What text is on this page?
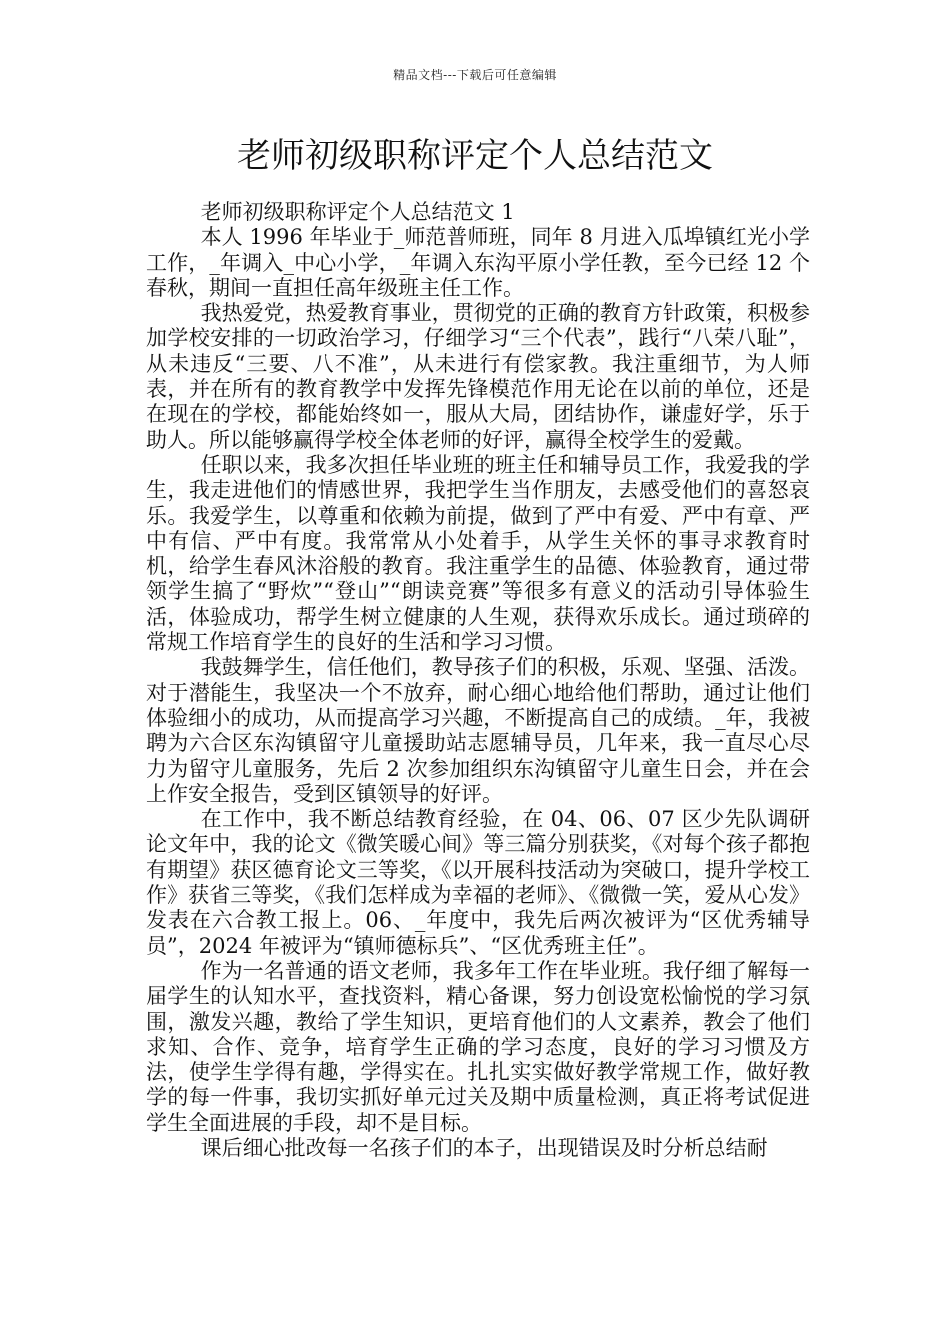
精品文档---下载后可任意编辑
老师初级职称评定个人总结范文

老师初级职称评定个人总结范文 1

本人 1996 年毕业于_师范普师班，同年 8 月进入瓜埠镇红光小学工作，_年调入_中心小学，_年调入东沟平原小学任教，至今已经 12 个春秋，期间一直担任高年级班主任工作。

我热爱党，热爱教育事业，贯彻党的正确的教育方针政策，积极参加学校安排的一切政治学习，仔细学习“三个代表”，践行“八荣八耻”，从未违反“三要、八不准”，从未进行有偿家教。我注重细节，为人师表，并在所有的教育教学中发挥先锋模范作用无论在以前的单位，还是在现在的学校，都能始终如一，服从大局，团结协作，谦虚好学，乐于助人。所以能够赢得学校全体老师的好评，赢得全校学生的爱戴。

任职以来，我多次担任毕业班的班主任和辅导员工作，我爱我的学生，我走进他们的情感世界，我把学生当作朋友，去感受他们的喜怒哀乐。我爱学生，以尊重和依赖为前提，做到了严中有爱、严中有章、严中有信、严中有度。我常常从小处着手，从学生关怀的事寻求教育时机，给学生春风沐浴般的教育。我注重学生的品德、体验教育，通过带领学生搞了“野炊”“登山”“朗读竞赛”等很多有意义的活动引导体验生活，体验成功，帮学生树立健康的人生观，获得欢乐成长。通过琐碎的常规工作培育学生的良好的生活和学习习惯。

我鼓舞学生，信任他们，教导孩子们的积极，乐观、坚强、活泼。对于潜能生，我坚决一个不放弃，耐心细心地给他们帮助，通过让他们体验细小的成功，从而提高学习兴趣，不断提高自己的成绩。_年，我被聘为六合区东沟镇留守儿童援助站志愿辅导员，几年来，我一直尽心尽力为留守儿童服务，先后 2 次参加组织东沟镇留守儿童生日会，并在会上作安全报告，受到区镇领导的好评。

在工作中，我不断总结教育经验，在 04、06、07 区少先队调研论文年中，我的论文《微笑暖心间》等三篇分别获奖，《对每个孩子都抱有期望》获区德育论文三等奖，《以开展科技活动为突破口，提升学校工作》获省三等奖，《我们怎样成为幸福的老师》、《微微一笑，爱从心发》发表在六合教工报上。06、_年度中，我先后两次被评为“区优秀辅导员”，2024 年被评为“镇师德标兵”、“区优秀班主任”。

作为一名普通的语文老师，我多年工作在毕业班。我仔细了解每一届学生的认知水平，查找资料，精心备课，努力创设宽松愉悦的学习氛围，激发兴趣，教给了学生知识，更培育他们的人文素养，教会了他们求知、合作、竞争，培育学生正确的学习态度，良好的学习习惯及方法，使学生学得有趣，学得实在。扎扎实实做好教学常规工作，做好教学的每一件事，我切实抓好单元过关及期中质量检测，真正将考试促进学生全面进展的手段，却不是目标。

课后细心批改每一名孩子们的本子，出现错误及时分析总结耐
